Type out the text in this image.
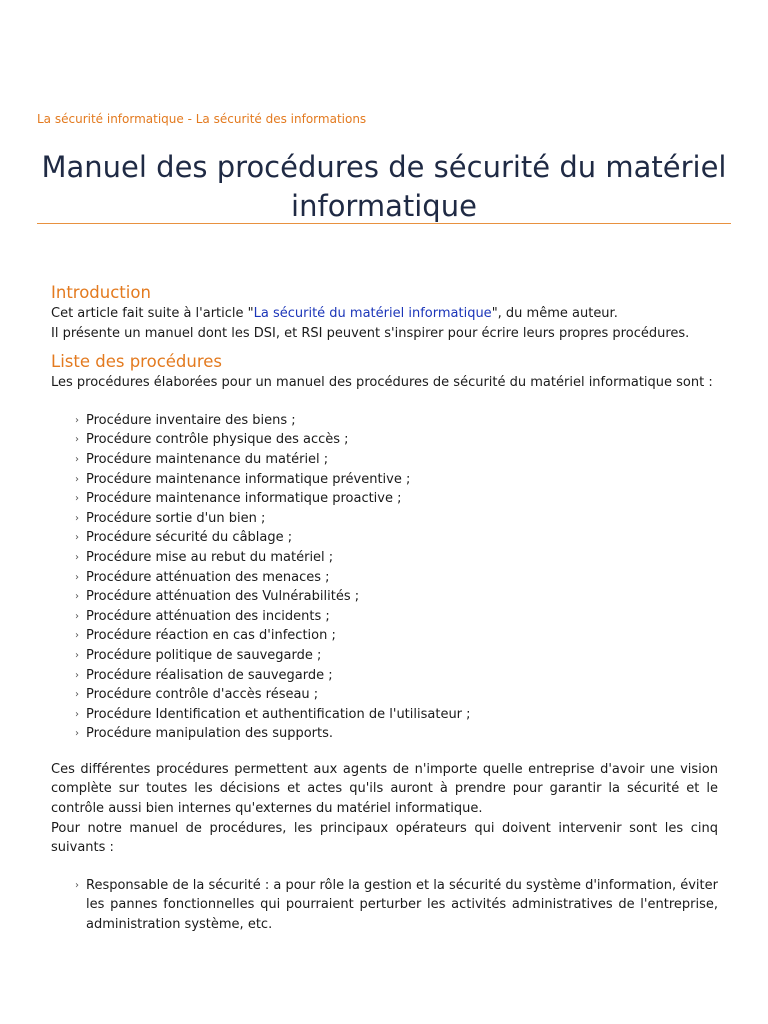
La sécurité informatique - La sécurité des informations
Manuel des procédures de sécurité du matériel informatique
Introduction

Cet article fait suite à l'article "La sécurité du matériel informatique", du même auteur.

Il présente un manuel dont les DSI, et RSI peuvent s'inspirer pour écrire leurs propres procédures.

Liste des procédures

Les procédures élaborées pour un manuel des procédures de sécurité du matériel informatique sont :

› Procédure inventaire des biens ;
› Procédure contrôle physique des accès ;
› Procédure maintenance du matériel ;
› Procédure maintenance informatique préventive ;
› Procédure maintenance informatique proactive ;
› Procédure sortie d'un bien ;
› Procédure sécurité du câblage ;
› Procédure mise au rebut du matériel ;
› Procédure atténuation des menaces ;
› Procédure atténuation des Vulnérabilités ;
› Procédure atténuation des incidents ;
› Procédure réaction en cas d'infection ;
› Procédure politique de sauvegarde ;
› Procédure réalisation de sauvegarde ;
› Procédure contrôle d'accès réseau ;
› Procédure Identification et authentification de l'utilisateur ;
› Procédure manipulation des supports.

Ces différentes procédures permettent aux agents de n'importe quelle entreprise d'avoir une vision complète sur toutes les décisions et actes qu'ils auront à prendre pour garantir la sécurité et le contrôle aussi bien internes qu'externes du matériel informatique.

Pour notre manuel de procédures, les principaux opérateurs qui doivent intervenir sont les cinq suivants :

› Responsable de la sécurité : a pour rôle la gestion et la sécurité du système d'information, éviter les pannes fonctionnelles qui pourraient perturber les activités administratives de l'entreprise, administration système, etc.
